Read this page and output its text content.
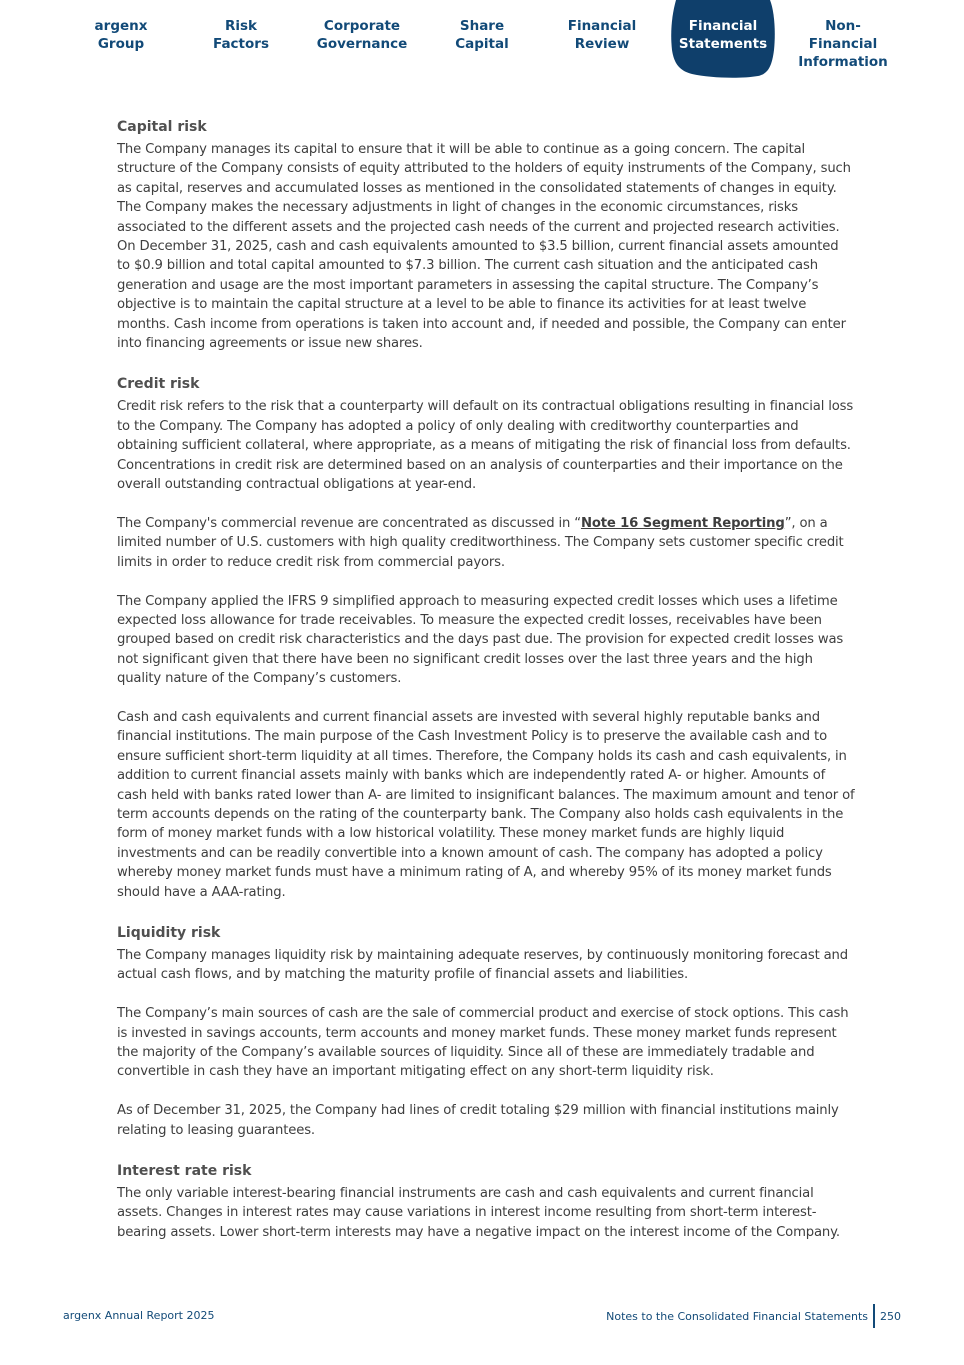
argenx
Group
Risk
Factors
Corporate
Governance
Share
Capital
Financial
Review
Financial
Statements
Non-Financial
Information
Capital risk

The Company manages its capital to ensure that it will be able to continue as a going concern. The capital structure of the Company consists of equity attributed to the holders of equity instruments of the Company, such as capital, reserves and accumulated losses as mentioned in the consolidated statements of changes in equity. The Company makes the necessary adjustments in light of changes in the economic circumstances, risks associated to the different assets and the projected cash needs of the current and projected research activities. On December 31, 2025, cash and cash equivalents amounted to $3.5 billion, current financial assets amounted to $0.9 billion and total capital amounted to $7.3 billion. The current cash situation and the anticipated cash generation and usage are the most important parameters in assessing the capital structure. The Company’s objective is to maintain the capital structure at a level to be able to finance its activities for at least twelve months. Cash income from operations is taken into account and, if needed and possible, the Company can enter into financing agreements or issue new shares.

Credit risk

Credit risk refers to the risk that a counterparty will default on its contractual obligations resulting in financial loss to the Company. The Company has adopted a policy of only dealing with creditworthy counterparties and obtaining sufficient collateral, where appropriate, as a means of mitigating the risk of financial loss from defaults. Concentrations in credit risk are determined based on an analysis of counterparties and their importance on the overall outstanding contractual obligations at year-end.

The Company's commercial revenue are concentrated as discussed in “Note 16 Segment Reporting”, on a limited number of U.S. customers with high quality creditworthiness. The Company sets customer specific credit limits in order to reduce credit risk from commercial payors.

The Company applied the IFRS 9 simplified approach to measuring expected credit losses which uses a lifetime expected loss allowance for trade receivables. To measure the expected credit losses, receivables have been grouped based on credit risk characteristics and the days past due. The provision for expected credit losses was not significant given that there have been no significant credit losses over the last three years and the high quality nature of the Company’s customers.

Cash and cash equivalents and current financial assets are invested with several highly reputable banks and financial institutions. The main purpose of the Cash Investment Policy is to preserve the available cash and to ensure sufficient short-term liquidity at all times. Therefore, the Company holds its cash and cash equivalents, in addition to current financial assets mainly with banks which are independently rated A- or higher. Amounts of cash held with banks rated lower than A- are limited to insignificant balances. The maximum amount and tenor of term accounts depends on the rating of the counterparty bank. The Company also holds cash equivalents in the form of money market funds with a low historical volatility. These money market funds are highly liquid investments and can be readily convertible into a known amount of cash. The company has adopted a policy whereby money market funds must have a minimum rating of A, and whereby 95% of its money market funds should have a AAA-rating.

Liquidity risk

The Company manages liquidity risk by maintaining adequate reserves, by continuously monitoring forecast and actual cash flows, and by matching the maturity profile of financial assets and liabilities.

The Company’s main sources of cash are the sale of commercial product and exercise of stock options. This cash is invested in savings accounts, term accounts and money market funds. These money market funds represent the majority of the Company’s available sources of liquidity. Since all of these are immediately tradable and convertible in cash they have an important mitigating effect on any short-term liquidity risk.

As of December 31, 2025, the Company had lines of credit totaling $29 million with financial institutions mainly relating to leasing guarantees.

Interest rate risk

The only variable interest-bearing financial instruments are cash and cash equivalents and current financial assets. Changes in interest rates may cause variations in interest income resulting from short-term interest-bearing assets. Lower short-term interests may have a negative impact on the interest income of the Company.

argenx Annual Report 2025	Notes to the Consolidated Financial Statements 250
